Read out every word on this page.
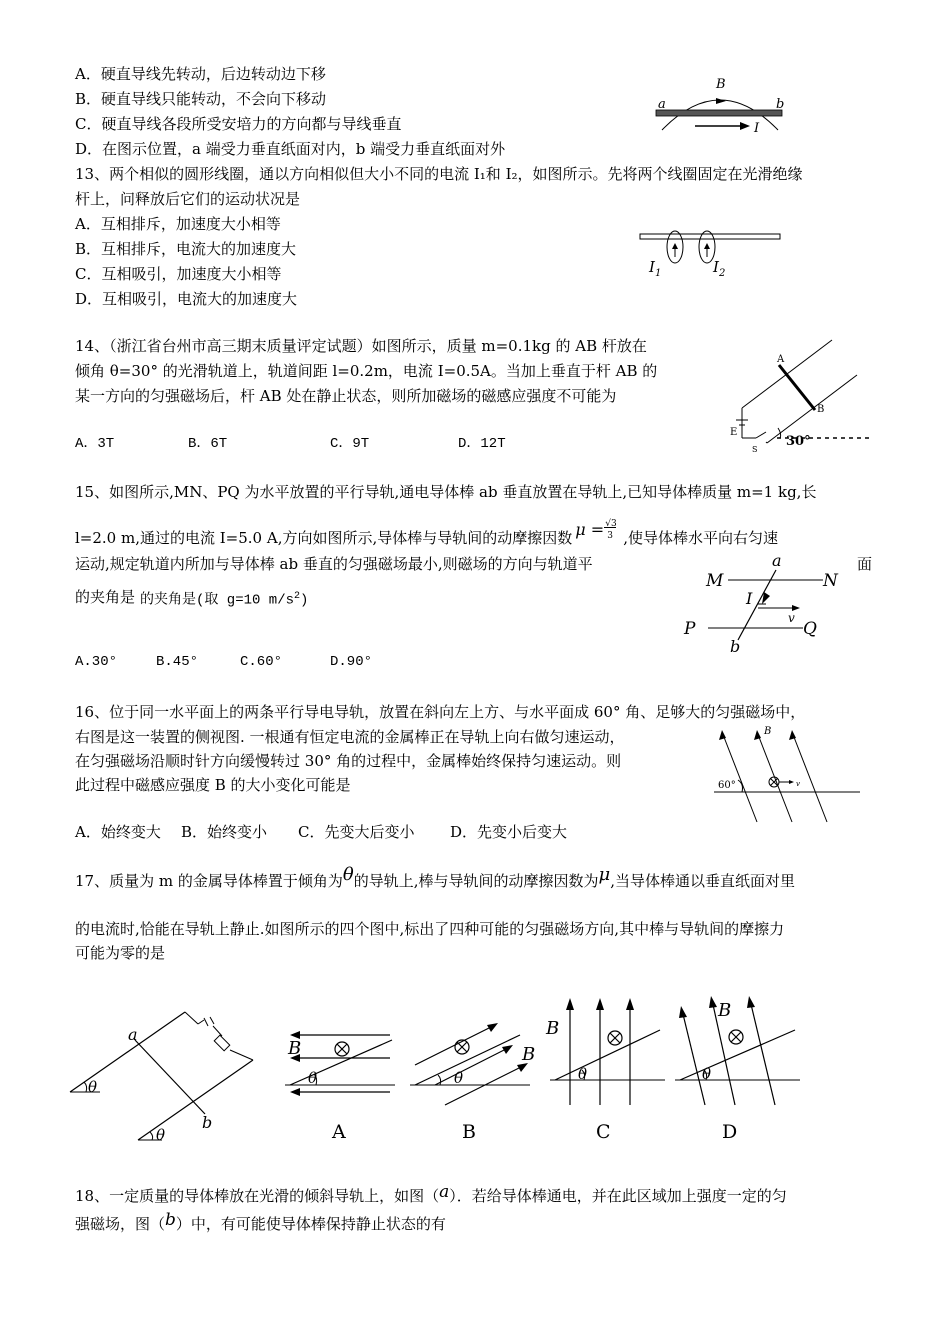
A．硬直导线先转动，后边转动边下移
B．硬直导线只能转动，不会向下移动
C．硬直导线各段所受安培力的方向都与导线垂直
D．在图示位置，a 端受力垂直纸面对内，b 端受力垂直纸面对外
a	b
B
I
13、两个相似的圆形线圈，通以方向相似但大小不同的电流 I₁和 I₂，如图所示。先将两个线圈固定在光滑绝缘
杆上，问释放后它们的运动状况是
A．互相排斥，加速度大小相等
B．互相排斥，电流大的加速度大
C．互相吸引，加速度大小相等
D．互相吸引，电流大的加速度大
$I_1$	$I_2$
14、（浙江省台州市高三期末质量评定试题）如图所示，质量 m=0.1kg 的 AB 杆放在
倾角 θ=30° 的光滑轨道上，轨道间距 l=0.2m，电流 I=0.5A。当加上垂直于杆 AB 的
某一方向的匀强磁场后，杆 AB 处在静止状态，则所加磁场的磁感应强度不可能为
A．3T	B．6T	C．9T	D．12T
A
B
E
S
30°
15、如图所示,MN、PQ 为水平放置的平行导轨,通电导体棒 ab 垂直放置在导轨上,已知导体棒质量 m=1 kg,长
l=2.0 m,通过的电流 I=5.0 A,方向如图所示,导体棒与导轨间的动摩擦因数 μ = √3
3 ,使导体棒水平向右匀速
运动,规定轨道内所加与导体棒 ab 垂直的匀强磁场最小,则磁场的方向与轨道平	面
的夹角是 的夹角是(取 g=10 $m/s^2$)
A.30°	B.45°	C.60°	D.90°
M
a
N
I
v
P
b
Q
16、位于同一水平面上的两条平行导电导轨，放置在斜向左上方、与水平面成 60° 角、足够大的匀强磁场中，
右图是这一装置的侧视图. 一根通有恒定电流的金属棒正在导轨上向右做匀速运动，
在匀强磁场沿顺时针方向缓慢转过 30° 角的过程中，金属棒始终保持匀速运动。则
此过程中磁感应强度 B 的大小变化可能是
A．始终变大 B．始终变小 C．先变大后变小 D．先变小后变大
B
60°	v
17、质量为 m 的金属导体棒置于倾角为θ的导轨上,棒与导轨间的动摩擦因数为μ,当导体棒通以垂直纸面对里
的电流时,恰能在导轨上静止.如图所示的四个图中,标出了四种可能的匀强磁场方向,其中棒与导轨间的摩擦力
可能为零的是
a
b
θ
θ
B
θ
A
B
θ
B
B
θ
C
B
θ
D
18、一定质量的导体棒放在光滑的倾斜导轨上，如图（a）．若给导体棒通电，并在此区域加上强度一定的匀
强磁场，图（b）中，有可能使导体棒保持静止状态的有
